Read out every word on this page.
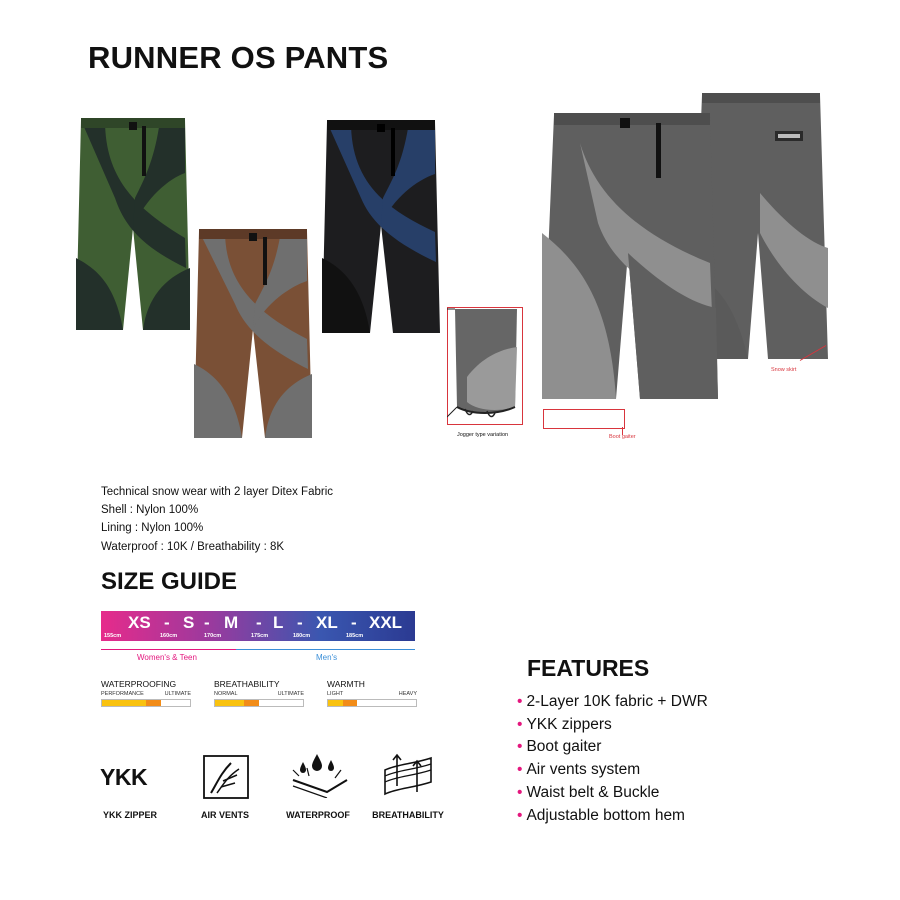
RUNNER OS PANTS
Jogger type variation	Boot gaiter
Snow skirt
Technical snow wear with 2 layer Ditex Fabric
Shell : Nylon 100%
Lining : Nylon 100%
Waterproof : 10K / Breathability : 8K
SIZE GUIDE
XS - S - M - L - XL - XXL
155cm	160cm	170cm	175cm	180cm	185cm
Women's & Teen	Men's
WATERPROOFING
PERFORMANCE	ULTIMATE
BREATHABILITY
NORMAL	ULTIMATE
WARMTH
LIGHT	HEAVY
YKK
YKK ZIPPER	AIR VENTS	WATERPROOF	BREATHABILITY
FEATURES
• 2-Layer 10K fabric + DWR
• YKK zippers
• Boot gaiter
• Air vents system
• Waist belt & Buckle
• Adjustable bottom hem
